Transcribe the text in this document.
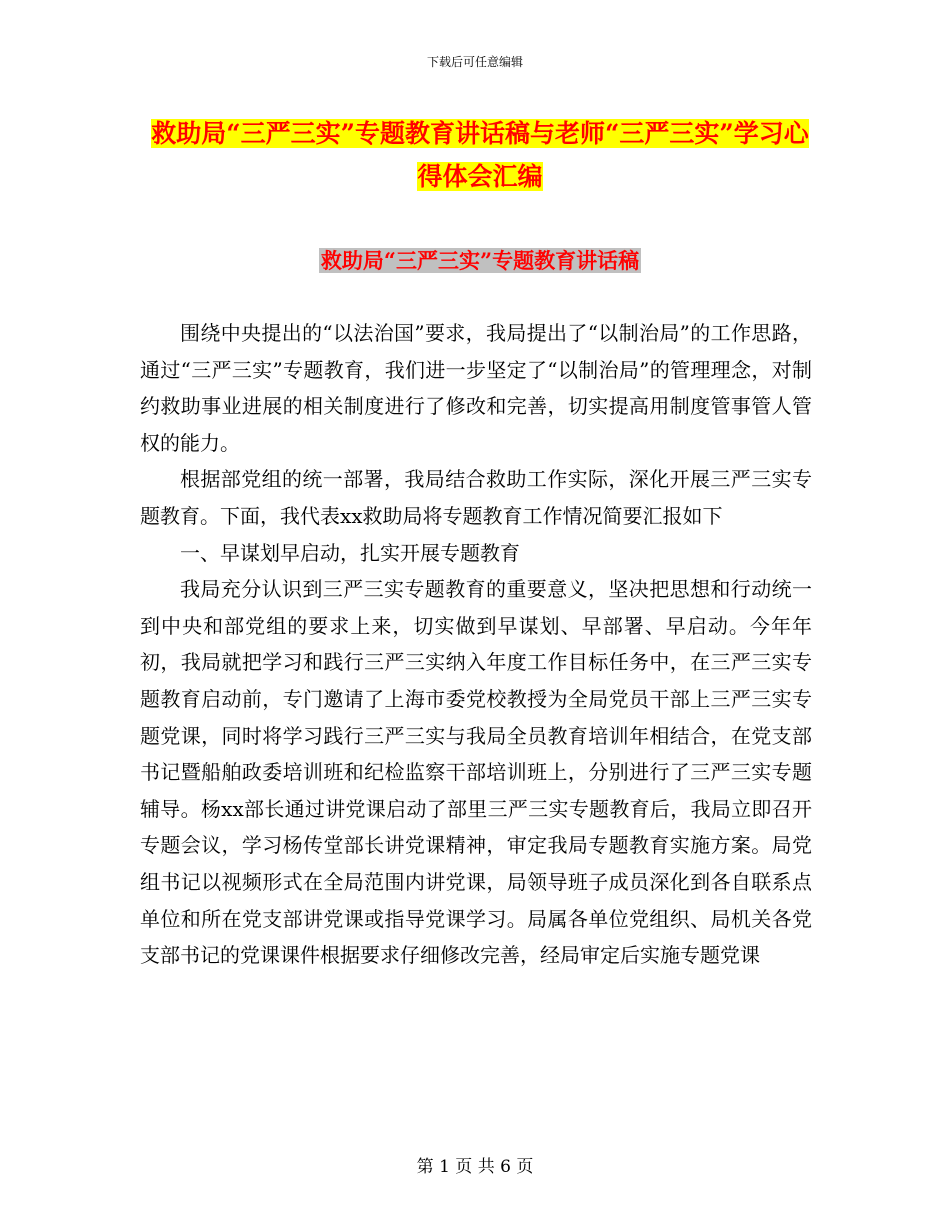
下载后可任意编辑
救助局“三严三实”专题教育讲话稿与老师“三严三实”学习心得体会汇编
救助局“三严三实”专题教育讲话稿

围绕中央提出的“以法治国”要求，我局提出了“以制治局”的工作思路，通过“三严三实”专题教育，我们进一步坚定了“以制治局”的管理理念，对制约救助事业进展的相关制度进行了修改和完善，切实提高用制度管事管人管权的能力。

根据部党组的统一部署，我局结合救助工作实际，深化开展三严三实专题教育。下面，我代表xx救助局将专题教育工作情况简要汇报如下

一、早谋划早启动，扎实开展专题教育

我局充分认识到三严三实专题教育的重要意义，坚决把思想和行动统一到中央和部党组的要求上来，切实做到早谋划、早部署、早启动。今年年初，我局就把学习和践行三严三实纳入年度工作目标任务中，在三严三实专题教育启动前，专门邀请了上海市委党校教授为全局党员干部上三严三实专题党课，同时将学习践行三严三实与我局全员教育培训年相结合，在党支部书记暨船舶政委培训班和纪检监察干部培训班上，分别进行了三严三实专题辅导。杨xx部长通过讲党课启动了部里三严三实专题教育后，我局立即召开专题会议，学习杨传堂部长讲党课精神，审定我局专题教育实施方案。局党组书记以视频形式在全局范围内讲党课，局领导班子成员深化到各自联系点单位和所在党支部讲党课或指导党课学习。局属各单位党组织、局机关各党支部书记的党课课件根据要求仔细修改完善，经局审定后实施专题党课

第 1 页 共 6 页
